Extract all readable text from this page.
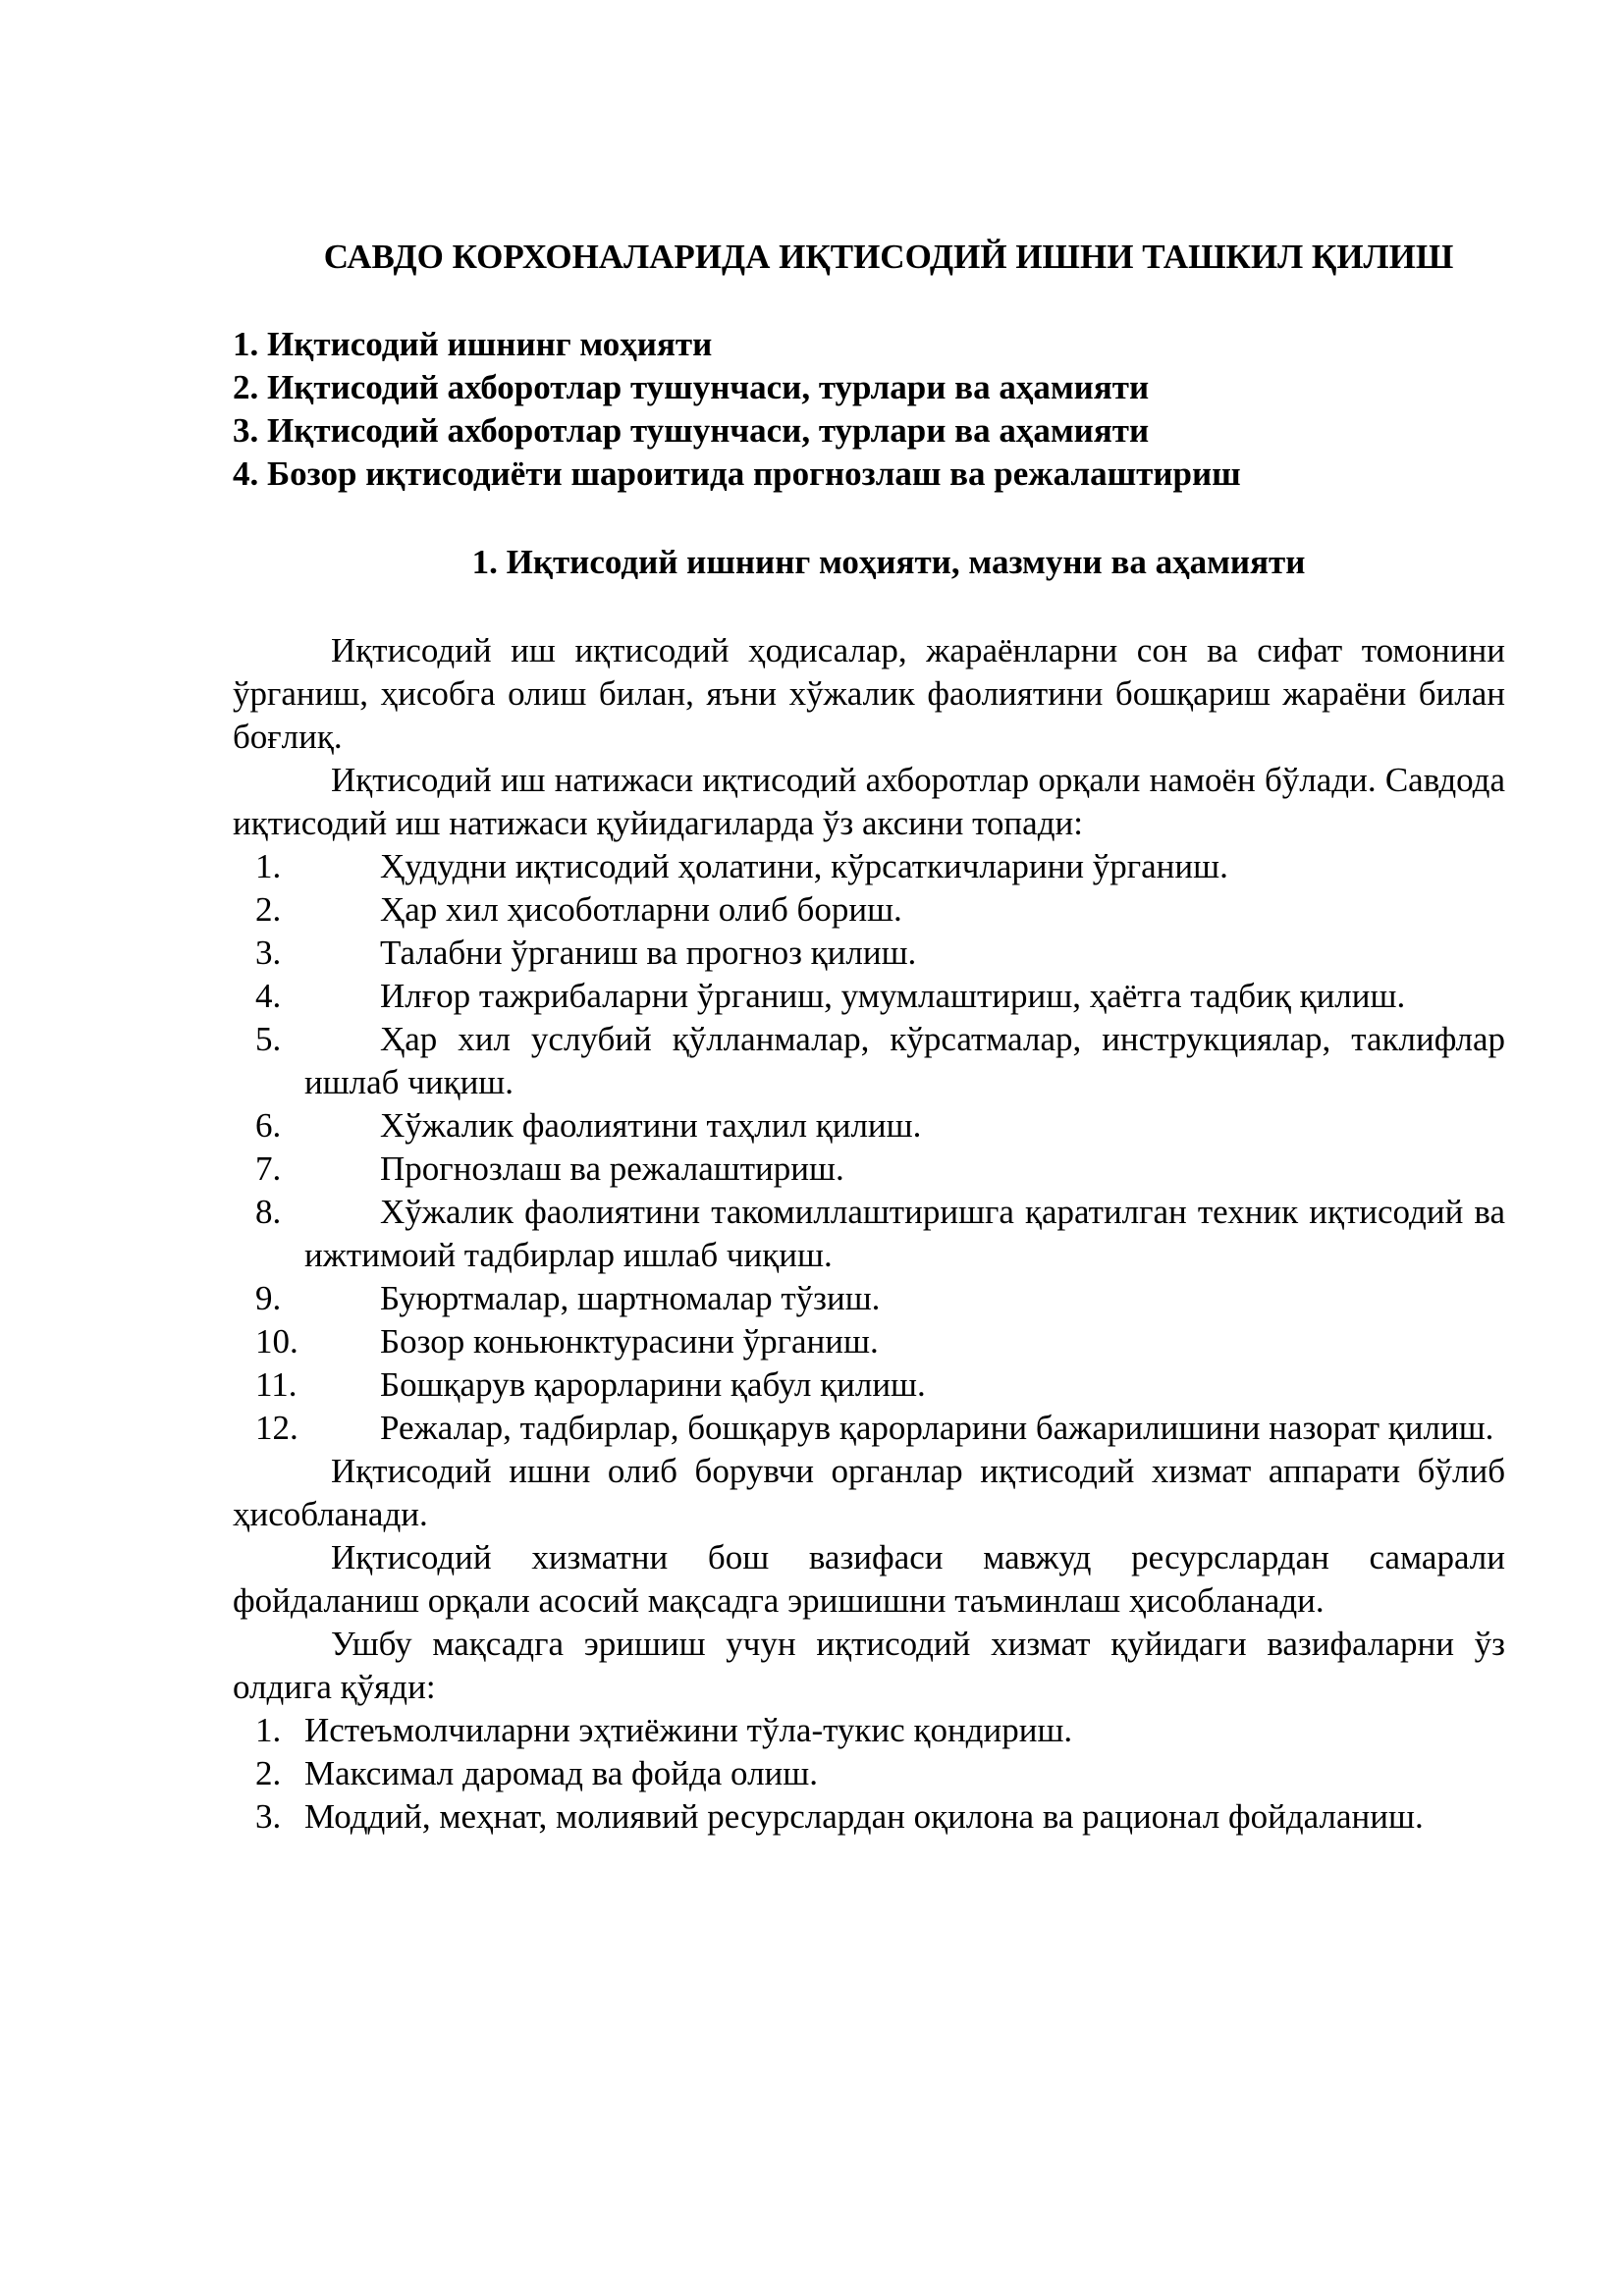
САВДО КОРХОНАЛАРИДА ИҚТИСОДИЙ ИШНИ ТАШКИЛ ҚИЛИШ
1. Иқтисодий ишнинг моҳияти
2. Иқтисодий ахборотлар тушунчаси, турлари ва аҳамияти
3. Иқтисодий ахборотлар тушунчаси, турлари ва аҳамияти
4. Бозор иқтисодиёти шароитида прогнозлаш ва режалаштириш
1. Иқтисодий ишнинг моҳияти, мазмуни ва аҳамияти

Иқтисодий иш иқтисодий ҳодисалар, жараёнларни сон ва сифат томонини ўрганиш, ҳисобга олиш билан, яъни хўжалик фаолиятини бошқариш жараёни билан боғлиқ.

Иқтисодий иш натижаси иқтисодий ахборотлар орқали намоён бўлади. Савдода иқтисодий иш натижаси қуйидагиларда ўз аксини топади:

1.	Ҳудудни иқтисодий ҳолатини, кўрсаткичларини ўрганиш.
2.	Ҳар хил ҳисоботларни олиб бориш.
3.	Талабни ўрганиш ва прогноз қилиш.
4.	Илғор тажрибаларни ўрганиш, умумлаштириш, ҳаётга тадбиқ қилиш.
5.	Ҳар хил услубий қўлланмалар, кўрсатмалар, инструкциялар, таклифлар ишлаб чиқиш.
6.	Хўжалик фаолиятини таҳлил қилиш.
7.	Прогнозлаш ва режалаштириш.
8.	Хўжалик фаолиятини такомиллаштиришга қаратилган техник иқтисодий ва ижтимоий тадбирлар ишлаб чиқиш.
9.	Буюртмалар, шартномалар тўзиш.
10.	Бозор коньюнктурасини ўрганиш.
11.	Бошқарув қарорларини қабул қилиш.
12.	Режалар, тадбирлар, бошқарув қарорларини бажарилишини назорат қилиш.

Иқтисодий ишни олиб борувчи органлар иқтисодий хизмат аппарати бўлиб ҳисобланади.

Иқтисодий хизматни бош вазифаси мавжуд ресурслардан самарали фойдаланиш орқали асосий мақсадга эришишни таъминлаш ҳисобланади.

Ушбу мақсадга эришиш учун иқтисодий хизмат қуйидаги вазифаларни ўз олдига қўяди:

1. Истеъмолчиларни эҳтиёжини тўла-тукис қондириш.
2. Максимал даромад ва фойда олиш.
3. Моддий, меҳнат, молиявий ресурслардан оқилона ва рационал фойдаланиш.
